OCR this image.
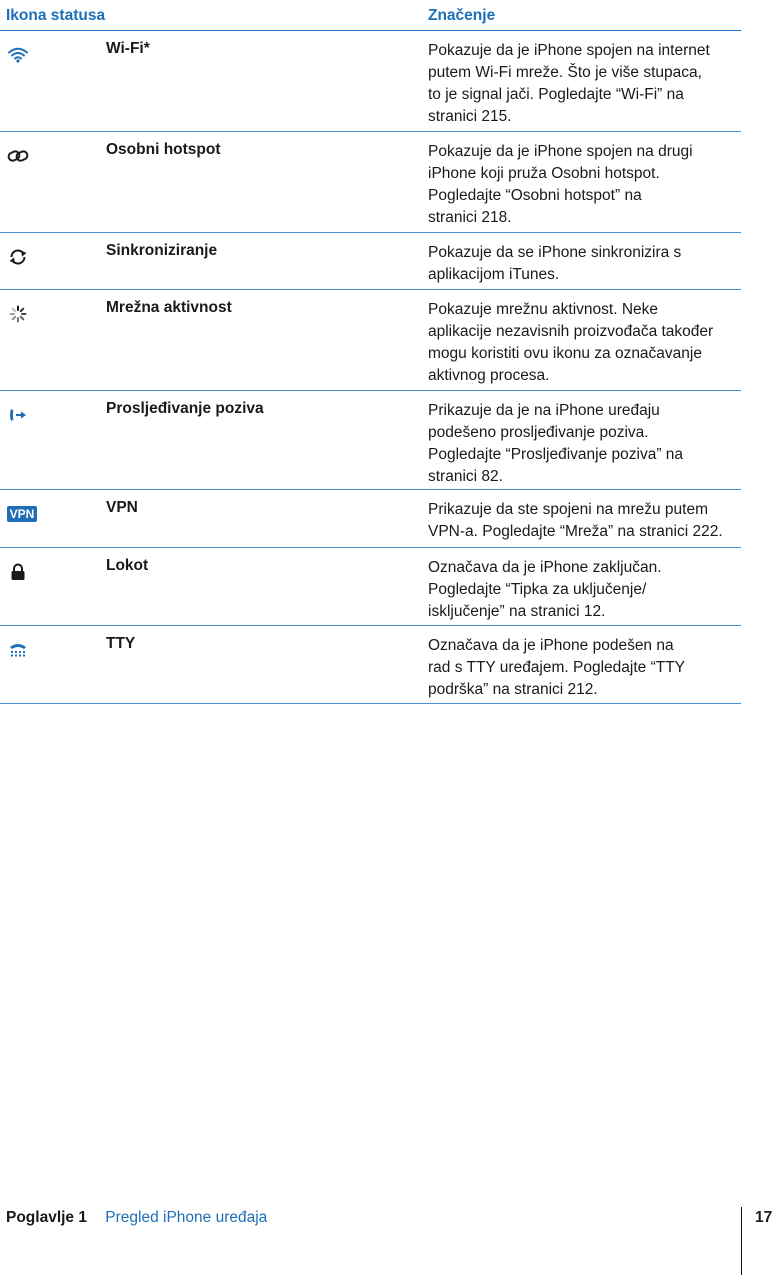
Ikona statusa	Značenje
Wi-Fi*	Pokazuje da je iPhone spojen na internet
putem Wi-Fi mreže. Što je više stupaca,
to je signal jači. Pogledajte “Wi-Fi” na
stranici 215.
Osobni hotspot	Pokazuje da je iPhone spojen na drugi
iPhone koji pruža Osobni hotspot.
Pogledajte “Osobni hotspot” na
stranici 218.
Sinkroniziranje	Pokazuje da se iPhone sinkronizira s
aplikacijom iTunes.
Mrežna aktivnost	Pokazuje mrežnu aktivnost. Neke
aplikacije nezavisnih proizvođača također
mogu koristiti ovu ikonu za označavanje
aktivnog procesa.
Prosljeđivanje poziva	Prikazuje da je na iPhone uređaju
podešeno prosljeđivanje poziva.
Pogledajte “Prosljeđivanje poziva” na
stranici 82.
VPN	VPN	Prikazuje da ste spojeni na mrežu putem
VPN-a. Pogledajte “Mreža” na stranici 222.
Lokot	Označava da je iPhone zaključan.
Pogledajte “Tipka za uključenje/
isključenje” na stranici 12.
TTY	Označava da je iPhone podešen na
rad s TTY uređajem. Pogledajte “TTY
podrška” na stranici 212.
Poglavlje 1 Pregled iPhone uređaja	17
